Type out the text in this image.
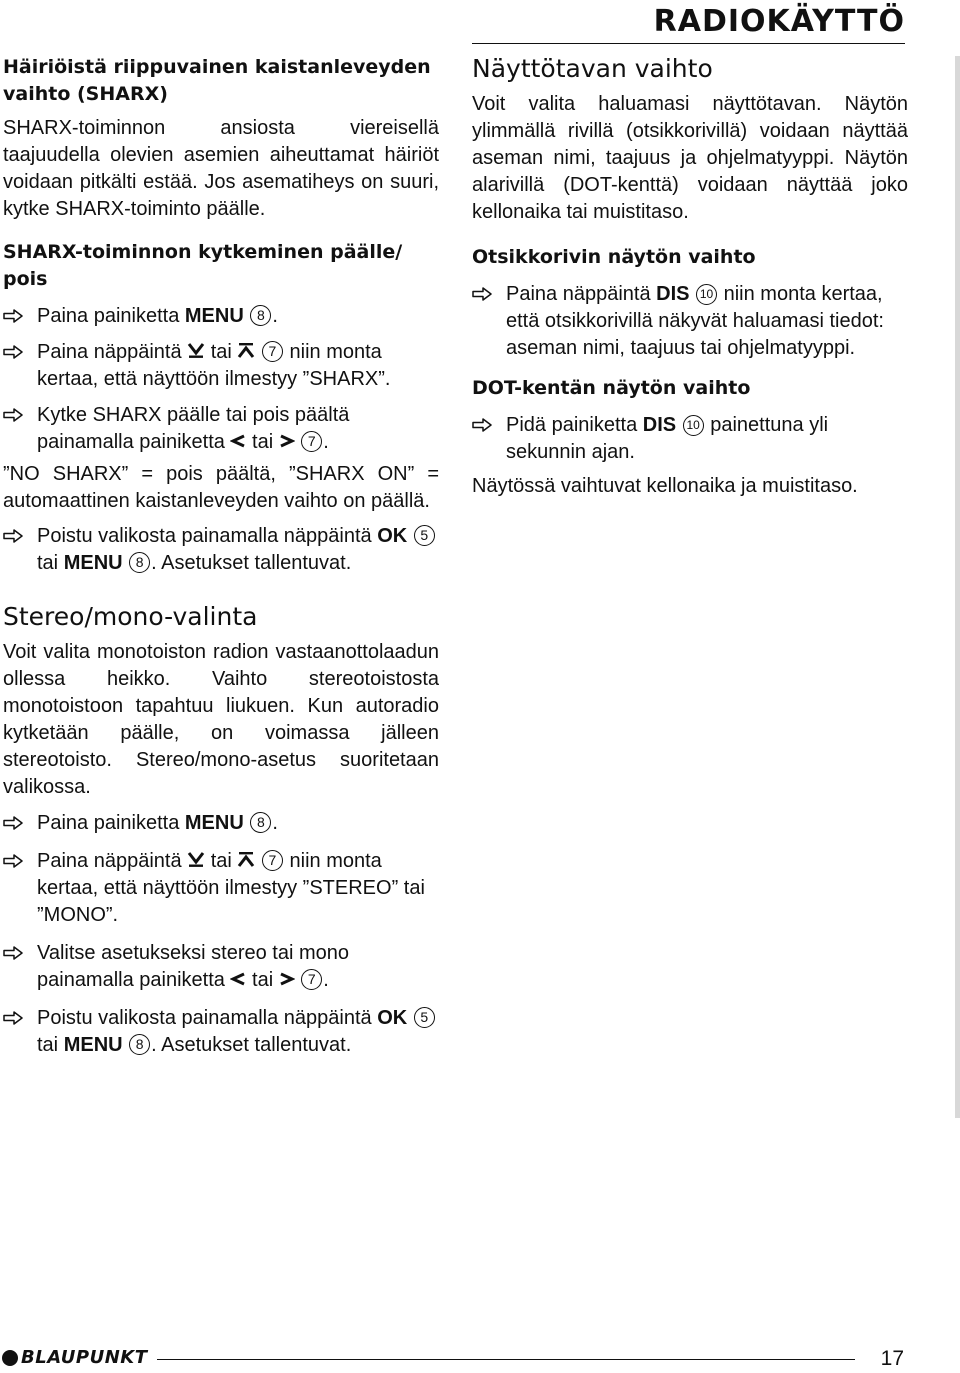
RADIOKÄYTTÖ
Häiriöistä riippuvainen kaistanleveyden vaihto (SHARX)

SHARX-toiminnon ansiosta viereisellä taajuudella olevien asemien aiheuttamat häiriöt voidaan pitkälti estää. Jos asematiheys on suuri, kytke SHARX-toiminto päälle.

SHARX-toiminnon kytkeminen päälle/ pois
Paina painiketta MENU 8 .
Paina näppäintä tai	7 niin monta kertaa, että näyttöön ilmestyy ”SHARX”.
Kytke SHARX päälle tai pois päältä painamalla painiketta tai 7 .

”NO SHARX” = pois päältä, ”SHARX ON” = automaattinen kaistanleveyden vaihto on päällä.

Poistu valikosta painamalla näppäintä OK 5 tai MENU 8 . Asetukset tallentuvat.
Stereo/mono-valinta

Voit valita monotoiston radion vastaanottolaadun ollessa heikko. Vaihto stereotoistosta monotoistoon tapahtuu liukuen. Kun autoradio kytketään päälle, on voimassa jälleen stereotoisto. Stereo/mono-asetus suoritetaan valikossa.

Paina painiketta MENU 8 .
Paina näppäintä tai	7 niin monta kertaa, että näyttöön ilmestyy ”STEREO” tai ”MONO”.
Valitse asetukseksi stereo tai mono painamalla painiketta tai 7 .
Poistu valikosta painamalla näppäintä OK 5 tai MENU 8 . Asetukset tallentuvat.
Näyttötavan vaihto

Voit valita haluamasi näyttötavan. Näytön ylimmällä rivillä (otsikkorivillä) voidaan näyttää aseman nimi, taajuus ja ohjelmatyyppi. Näytön alarivillä (DOT-kenttä) voidaan näyttää joko kellonaika tai muistitaso.

Otsikkorivin näytön vaihto
Paina näppäintä DIS 10 niin monta kertaa, että otsikkorivillä näkyvät haluamasi tiedot: aseman nimi, taajuus tai ohjelmatyyppi.
DOT-kentän näytön vaihto
Pidä painiketta DIS 10 painettuna yli sekunnin ajan.

Näytössä vaihtuvat kellonaika ja muistitaso.

BLAUPUNKT	17
